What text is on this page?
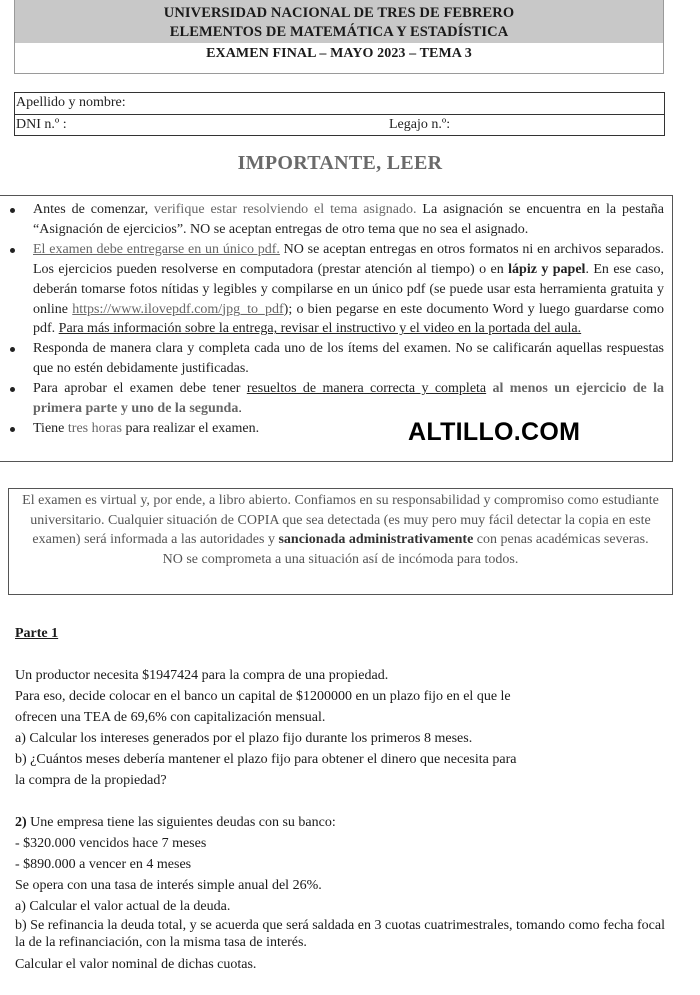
UNIVERSIDAD NACIONAL DE TRES DE FEBRERO
ELEMENTOS DE MATEMÁTICA Y ESTADÍSTICA
EXAMEN FINAL – MAYO 2023 – TEMA 3
Apellido y nombre:
DNI n.º :	Legajo n.º:
IMPORTANTE, LEER
Antes de comenzar, verifique estar resolviendo el tema asignado. La asignación se encuentra en la pestaña “Asignación de ejercicios”. NO se aceptan entregas de otro tema que no sea el asignado.
El examen debe entregarse en un único pdf. NO se aceptan entregas en otros formatos ni en archivos separados. Los ejercicios pueden resolverse en computadora (prestar atención al tiempo) o en lápiz y papel. En ese caso, deberán tomarse fotos nítidas y legibles y compilarse en un único pdf (se puede usar esta herramienta gratuita y online https://www.ilovepdf.com/jpg_to_pdf); o bien pegarse en este documento Word y luego guardarse como pdf. Para más información sobre la entrega, revisar el instructivo y el video en la portada del aula.
Responda de manera clara y completa cada uno de los ítems del examen. No se calificarán aquellas respuestas que no estén debidamente justificadas.
Para aprobar el examen debe tener resueltos de manera correcta y completa al menos un ejercicio de la primera parte y uno de la segunda.
Tiene tres horas para realizar el examen.	ALTILLO.COM

El examen es virtual y, por ende, a libro abierto. Confiamos en su responsabilidad y compromiso como estudiante universitario. Cualquier situación de COPIA que sea detectada (es muy pero muy fácil detectar la copia en este examen) será informada a las autoridades y sancionada administrativamente con penas académicas severas.

NO se comprometa a una situación así de incómoda para todos.

Parte 1

Un productor necesita $1947424 para la compra de una propiedad.

Para eso, decide colocar en el banco un capital de $1200000 en un plazo fijo en el que le

ofrecen una TEA de 69,6% con capitalización mensual.

a) Calcular los intereses generados por el plazo fijo durante los primeros 8 meses.

b) ¿Cuántos meses debería mantener el plazo fijo para obtener el dinero que necesita para

la compra de la propiedad?

2) Une empresa tiene las siguientes deudas con su banco:

- $320.000 vencidos hace 7 meses

- $890.000 a vencer en 4 meses

Se opera con una tasa de interés simple anual del 26%.

a) Calcular el valor actual de la deuda.

b) Se refinancia la deuda total, y se acuerda que será saldada en 3 cuotas cuatrimestrales, tomando como fecha focal la de la refinanciación, con la misma tasa de interés.

Calcular el valor nominal de dichas cuotas.
